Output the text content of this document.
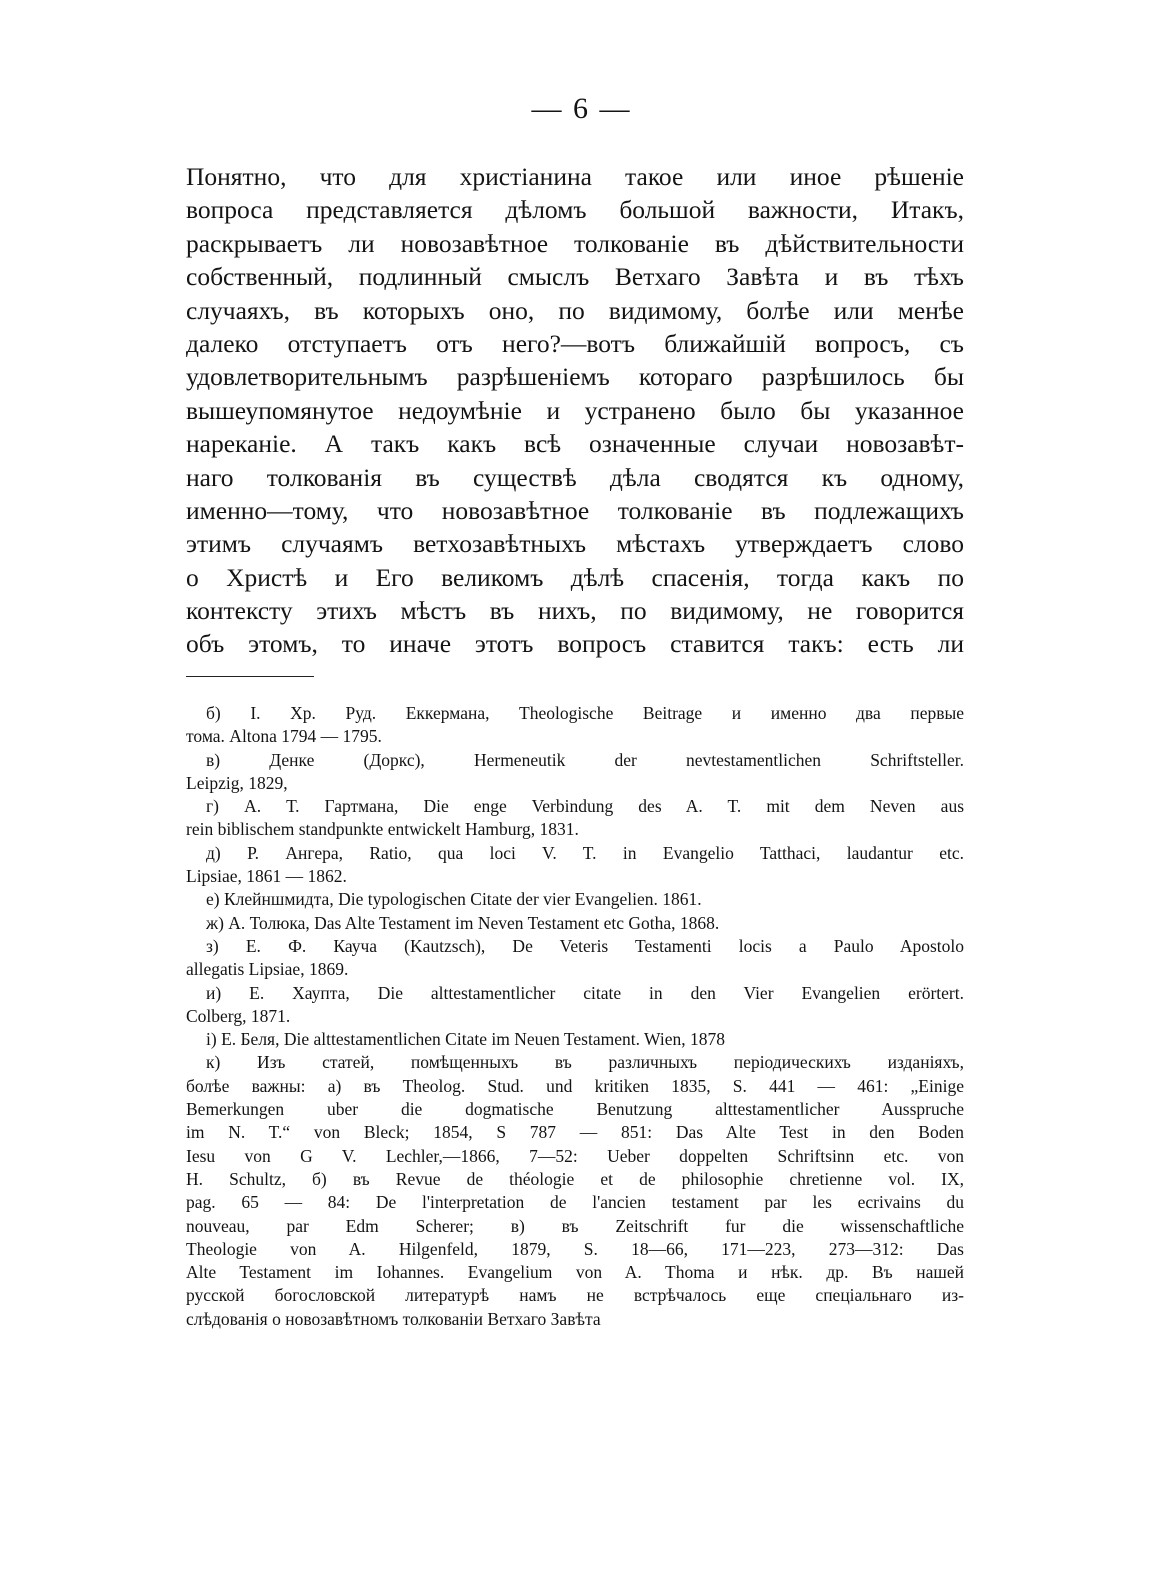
— 6 —
Понятно, что для христіанина такое или иное рѣшеніе
вопроса представляется дѣломъ большой важности, Итакъ,
раскрываетъ ли новозавѣтное толкованіе въ дѣйствительности
собственный, подлинный смыслъ Ветхаго Завѣта и въ тѣхъ
случаяхъ, въ которыхъ оно, по видимому, болѣе или менѣе
далеко отступаетъ отъ него?—вотъ ближайшій вопросъ, съ
удовлетворительнымъ разрѣшеніемъ котораго разрѣшилось бы
вышеупомянутое недоумѣніе и устранено было бы указанное
нареканіе. А такъ какъ всѣ означенные случаи новозавѣт-
наго толкованія въ существѣ дѣла сводятся къ одному,
именно—тому, что новозавѣтное толкованіе въ подлежащихъ
этимъ случаямъ ветхозавѣтныхъ мѣстахъ утверждаетъ слово
о Христѣ и Его великомъ дѣлѣ спасенія, тогда какъ по
контексту этихъ мѣстъ въ нихъ, по видимому, не говорится
объ этомъ, то иначе этотъ вопросъ ставится такъ: есть ли
б) I. Хр. Руд. Еккермана, Theologische Beitrage и именно два первые
тома. Altona 1794 — 1795.
в) Денке (Доркс), Hermeneutik der nevtestamentlichen Schriftsteller.
Leipzig, 1829,
г) А. Т. Гартмана, Die enge Verbindung des A. T. mit dem Neven aus
rein biblischem standpunkte entwickelt Hamburg, 1831.
д) Р. Ангера, Ratio, qua loci V. T. in Evangelio Tatthaci, laudantur etc.
Lipsiae, 1861 — 1862.
е) Клейншмидта, Die typologischen Citate der vier Evangelien. 1861.
ж) А. Толюка, Das Alte Testament im Neven Testament etc Gotha, 1868.
з) Е. Ф. Кауча (Kautzsch), De Veteris Testamenti locis a Paulo Apostolo
allegatis Lipsiae, 1869.
и) Е. Хаупта, Die alttestamentlicher citate in den Vier Evangelien erörtert.
Colberg, 1871.
і) Е. Беля, Die alttestamentlichen Citate im Neuen Testament. Wien, 1878
к) Изъ статей, помѣщенныхъ въ различныхъ періодическихъ изданіяхъ,
болѣе важны: а) въ Theolog. Stud. und kritiken 1835, S. 441 — 461: „Einige
Bemerkungen uber die dogmatische Benutzung alttestamentlicher Ausspruche
im N. T.“ von Bleck; 1854, S 787 — 851: Das Alte Test in den Boden
Iesu von G V. Lechler,—1866, 7—52: Ueber doppelten Schriftsinn etc. von
H. Schultz, б) въ Revue de théologie et de philosophie chretienne vol. IX,
pag. 65 — 84: De l'interpretation de l'ancien testament par les ecrivains du
nouveau, par Edm Scherer; в) въ Zeitschrift fur die wissenschaftliche
Theologie von A. Hilgenfeld, 1879, S. 18—66, 171—223, 273—312: Das
Alte Testament im Iohannes. Evangelium von A. Thoma и нѣк. др. Въ нашей
русской богословской литературѣ намъ не встрѣчалось еще спеціальнаго из-
слѣдованія о новозавѣтномъ толкованіи Ветхаго Завѣта
